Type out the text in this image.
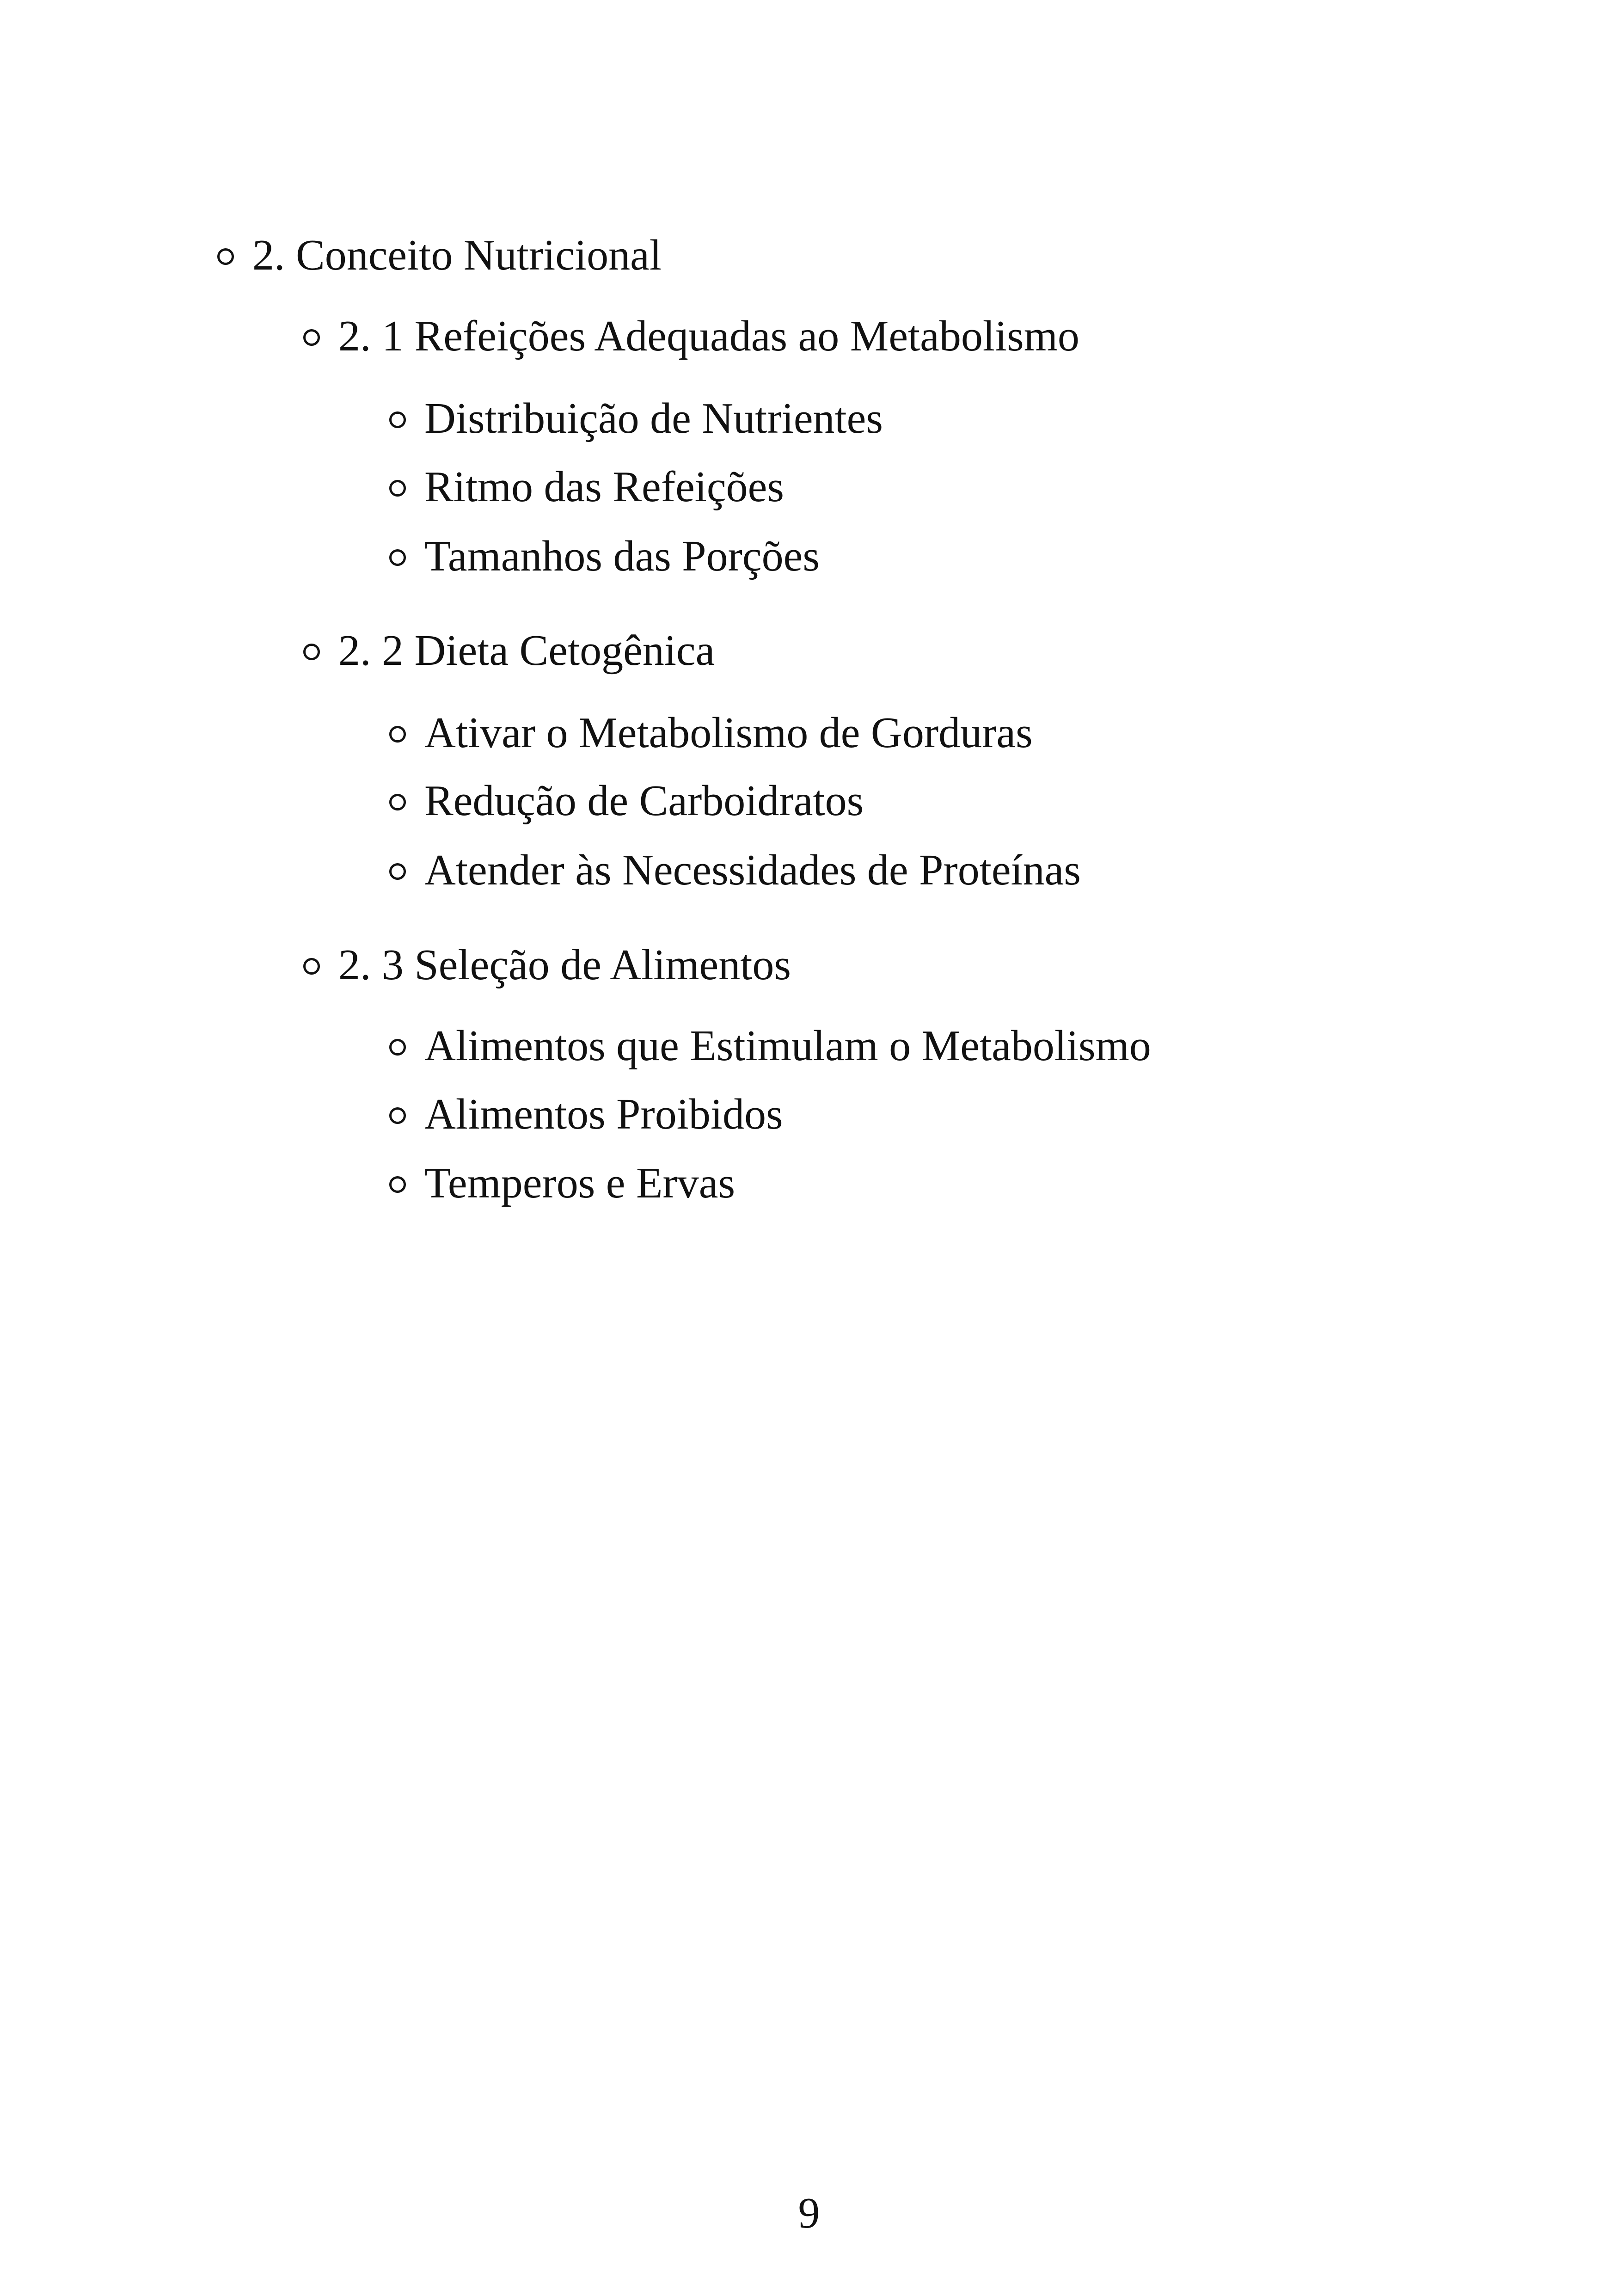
2. Conceito Nutricional
2. 1 Refeições Adequadas ao Metabolismo
Distribuição de Nutrientes
Ritmo das Refeições
Tamanhos das Porções
2. 2 Dieta Cetogênica
Ativar o Metabolismo de Gorduras
Redução de Carboidratos
Atender às Necessidades de Proteínas
2. 3 Seleção de Alimentos
Alimentos que Estimulam o Metabolismo
Alimentos Proibidos
Temperos e Ervas
9
